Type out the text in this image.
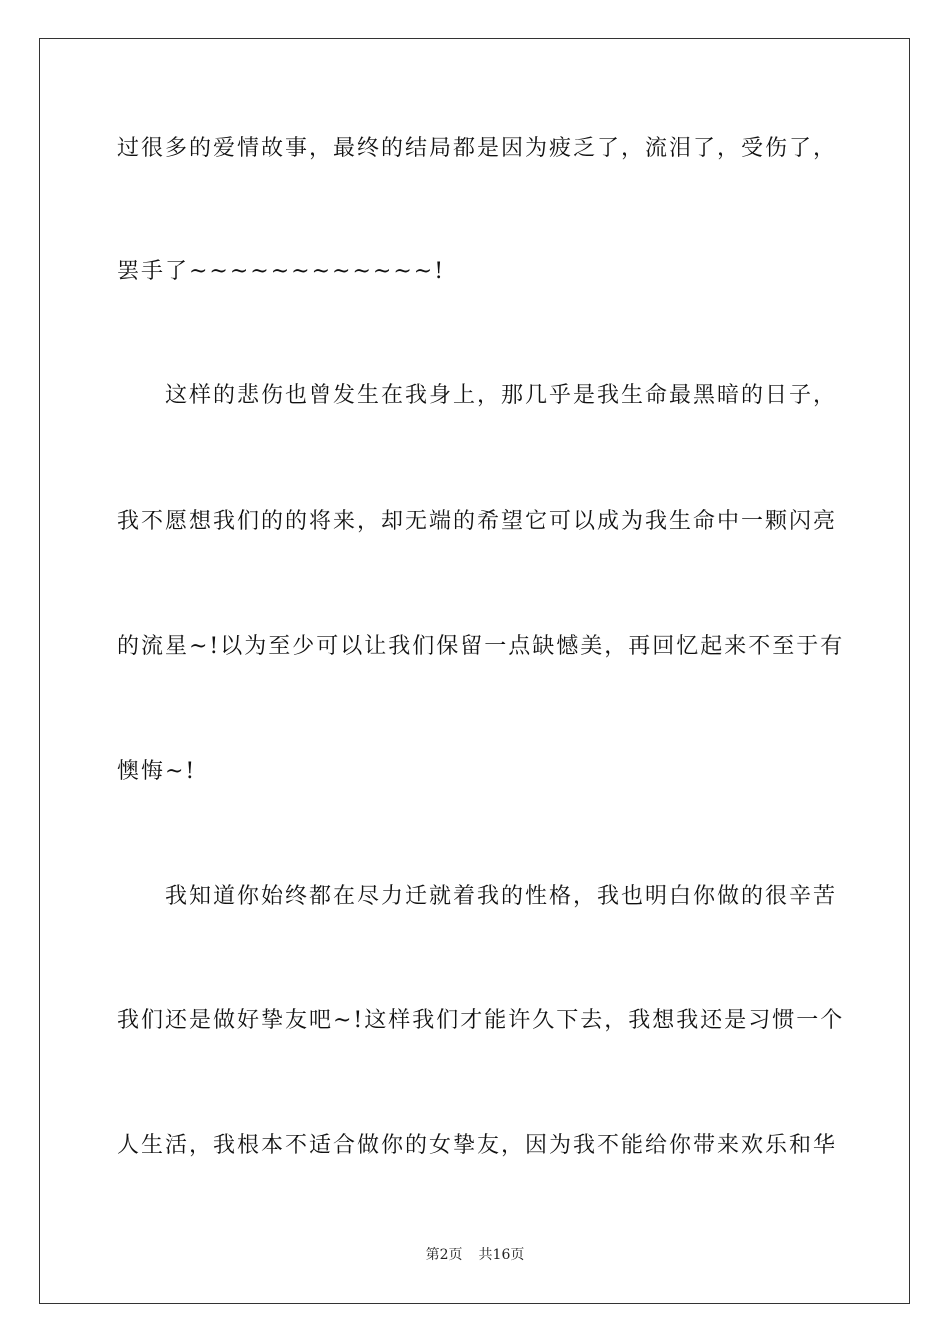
过很多的爱情故事，最终的结局都是因为疲乏了，流泪了，受伤了，
罢手了~~~~~~~~~~~~!
　　这样的悲伤也曾发生在我身上，那几乎是我生命最黑暗的日子，
我不愿想我们的的将来，却无端的希望它可以成为我生命中一颗闪亮
的流星~!以为至少可以让我们保留一点缺憾美，再回忆起来不至于有
懊悔~!
　　我知道你始终都在尽力迁就着我的性格，我也明白你做的很辛苦
我们还是做好挚友吧~!这样我们才能许久下去，我想我还是习惯一个
人生活，我根本不适合做你的女挚友，因为我不能给你带来欢乐和华
第2页 共16页
